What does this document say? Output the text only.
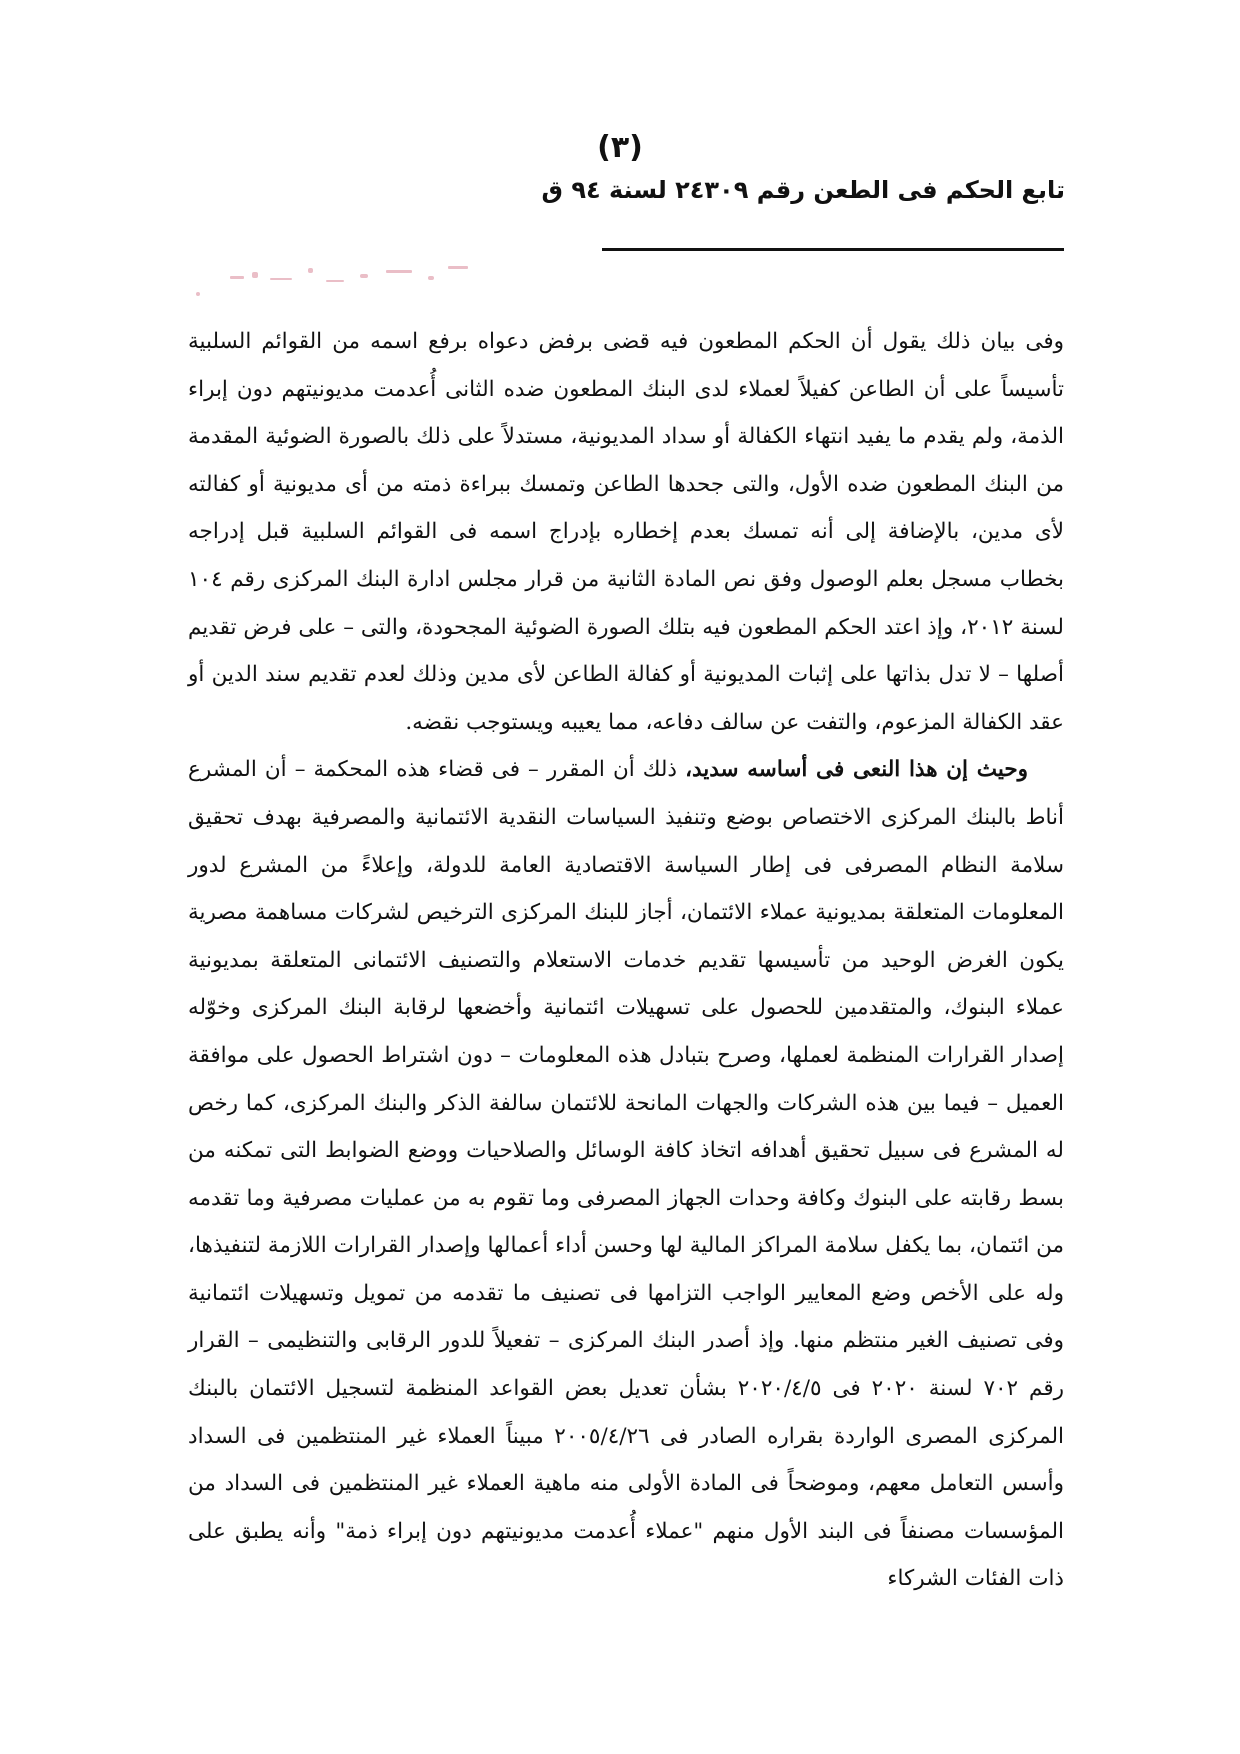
(٣)
تابع الحكم فى الطعن رقم ٢٤٣٠٩ لسنة ٩٤ ق

وفى بيان ذلك يقول أن الحكم المطعون فيه قضى برفض دعواه برفع اسمه من القوائم السلبية تأسيساً على أن الطاعن كفيلاً لعملاء لدى البنك المطعون ضده الثانى أُعدمت مديونيتهم دون إبراء الذمة، ولم يقدم ما يفيد انتهاء الكفالة أو سداد المديونية، مستدلاً على ذلك بالصورة الضوئية المقدمة من البنك المطعون ضده الأول، والتى جحدها الطاعن وتمسك ببراءة ذمته من أى مديونية أو كفالته لأى مدين، بالإضافة إلى أنه تمسك بعدم إخطاره بإدراج اسمه فى القوائم السلبية قبل إدراجه بخطاب مسجل بعلم الوصول وفق نص المادة الثانية من قرار مجلس ادارة البنك المركزى رقم ١٠٤ لسنة ٢٠١٢، وإذ اعتد الحكم المطعون فيه بتلك الصورة الضوئية المجحودة، والتى – على فرض تقديم أصلها – لا تدل بذاتها على إثبات المديونية أو كفالة الطاعن لأى مدين وذلك لعدم تقديم سند الدين أو عقد الكفالة المزعوم، والتفت عن سالف دفاعه، مما يعيبه ويستوجب نقضه.

وحيث إن هذا النعى فى أساسه سديد، ذلك أن المقرر – فى قضاء هذه المحكمة – أن المشرع أناط بالبنك المركزى الاختصاص بوضع وتنفيذ السياسات النقدية الائتمانية والمصرفية بهدف تحقيق سلامة النظام المصرفى فى إطار السياسة الاقتصادية العامة للدولة، وإعلاءً من المشرع لدور المعلومات المتعلقة بمديونية عملاء الائتمان، أجاز للبنك المركزى الترخيص لشركات مساهمة مصرية يكون الغرض الوحيد من تأسيسها تقديم خدمات الاستعلام والتصنيف الائتمانى المتعلقة بمديونية عملاء البنوك، والمتقدمين للحصول على تسهيلات ائتمانية وأخضعها لرقابة البنك المركزى وخوّله إصدار القرارات المنظمة لعملها، وصرح بتبادل هذه المعلومات – دون اشتراط الحصول على موافقة العميل – فيما بين هذه الشركات والجهات المانحة للائتمان سالفة الذكر والبنك المركزى، كما رخص له المشرع فى سبيل تحقيق أهدافه اتخاذ كافة الوسائل والصلاحيات ووضع الضوابط التى تمكنه من بسط رقابته على البنوك وكافة وحدات الجهاز المصرفى وما تقوم به من عمليات مصرفية وما تقدمه من ائتمان، بما يكفل سلامة المراكز المالية لها وحسن أداء أعمالها وإصدار القرارات اللازمة لتنفيذها، وله على الأخص وضع المعايير الواجب التزامها فى تصنيف ما تقدمه من تمويل وتسهيلات ائتمانية وفى تصنيف الغير منتظم منها. وإذ أصدر البنك المركزى – تفعيلاً للدور الرقابى والتنظيمى – القرار رقم ٧٠٢ لسنة ٢٠٢٠ فى ٢٠٢٠/٤/٥ بشأن تعديل بعض القواعد المنظمة لتسجيل الائتمان بالبنك المركزى المصرى الواردة بقراره الصادر فى ٢٠٠٥/٤/٢٦ مبيناً العملاء غير المنتظمين فى السداد وأسس التعامل معهم، وموضحاً فى المادة الأولى منه ماهية العملاء غير المنتظمين فى السداد من المؤسسات مصنفاً فى البند الأول منهم "عملاء أُعدمت مديونيتهم دون إبراء ذمة" وأنه يطبق على ذات الفئات الشركاء
